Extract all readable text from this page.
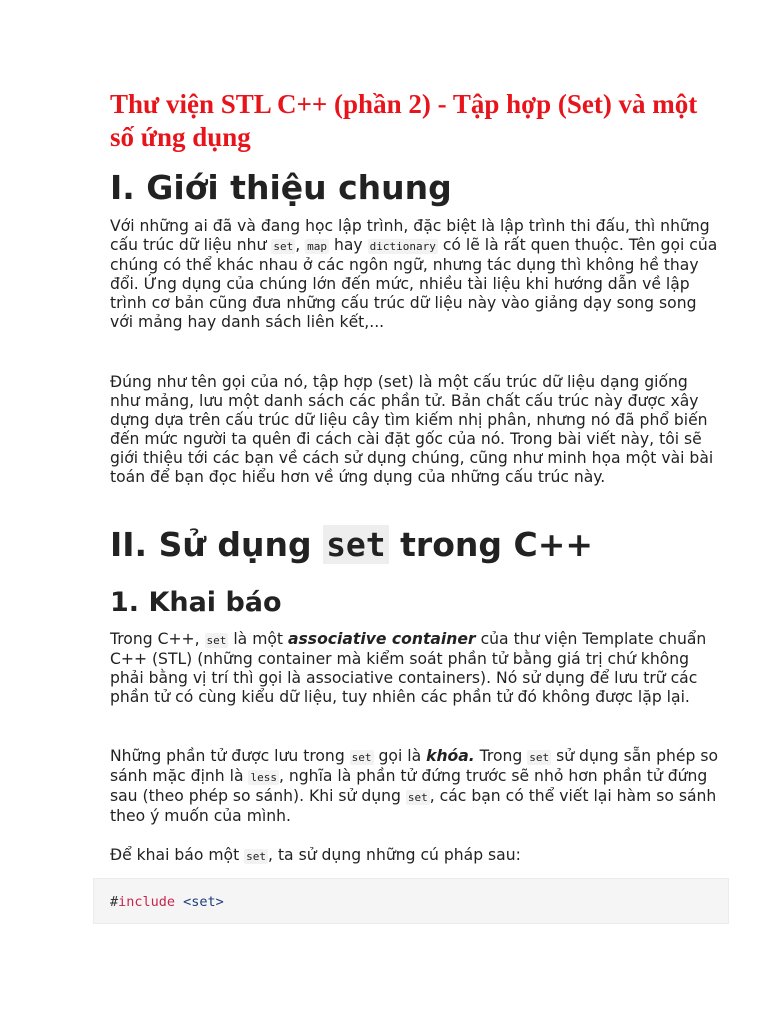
Thư viện STL C++ (phần 2) - Tập hợp (Set) và một số ứng dụng
I. Giới thiệu chung

Với những ai đã và đang học lập trình, đặc biệt là lập trình thi đấu, thì những cấu trúc dữ liệu như set , map hay dictionary có lẽ là rất quen thuộc. Tên gọi của chúng có thể khác nhau ở các ngôn ngữ, nhưng tác dụng thì không hề thay đổi. Ứng dụng của chúng lớn đến mức, nhiều tài liệu khi hướng dẫn về lập trình cơ bản cũng đưa những cấu trúc dữ liệu này vào giảng dạy song song với mảng hay danh sách liên kết,...

Đúng như tên gọi của nó, tập hợp (set) là một cấu trúc dữ liệu dạng giống như mảng, lưu một danh sách các phần tử. Bản chất cấu trúc này được xây dựng dựa trên cấu trúc dữ liệu cây tìm kiếm nhị phân, nhưng nó đã phổ biến đến mức người ta quên đi cách cài đặt gốc của nó. Trong bài viết này, tôi sẽ giới thiệu tới các bạn về cách sử dụng chúng, cũng như minh họa một vài bài toán để bạn đọc hiểu hơn về ứng dụng của những cấu trúc này.

II. Sử dụng set trong C++
1. Khai báo

Trong C++, set là một associative container của thư viện Template chuẩn C++ (STL) (những container mà kiểm soát phần tử bằng giá trị chứ không phải bằng vị trí thì gọi là associative containers). Nó sử dụng để lưu trữ các phần tử có cùng kiểu dữ liệu, tuy nhiên các phần tử đó không được lặp lại.

Những phần tử được lưu trong set gọi là khóa. Trong set sử dụng sẵn phép so sánh mặc định là less , nghĩa là phần tử đứng trước sẽ nhỏ hơn phần tử đứng sau (theo phép so sánh). Khi sử dụng set , các bạn có thể viết lại hàm so sánh theo ý muốn của mình.

Để khai báo một set , ta sử dụng những cú pháp sau:

#include <set>
